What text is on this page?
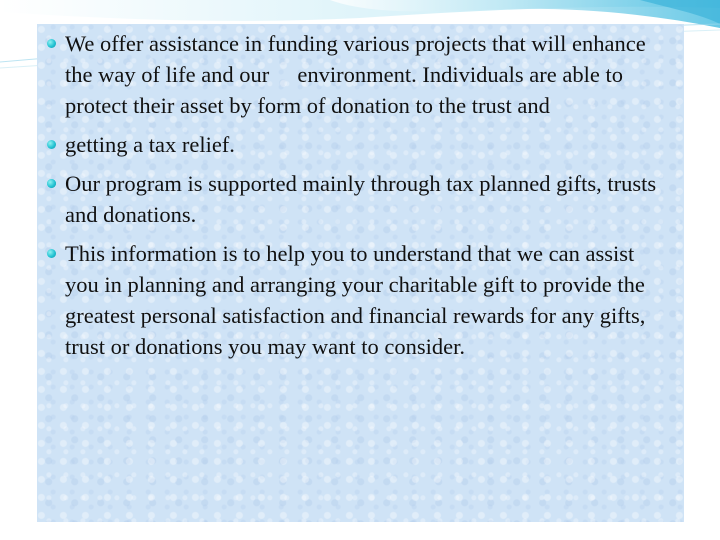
We offer assistance in funding various projects that will enhance the way of life and our     environment. Individuals are able to protect their asset by form of donation to the trust and
getting a tax relief.
Our program is supported mainly through tax planned gifts, trusts and donations.
This information is to help you to understand that we can assist you in planning and arranging your charitable gift to provide the greatest personal satisfaction and financial rewards for any gifts, trust or donations you may want to consider.
